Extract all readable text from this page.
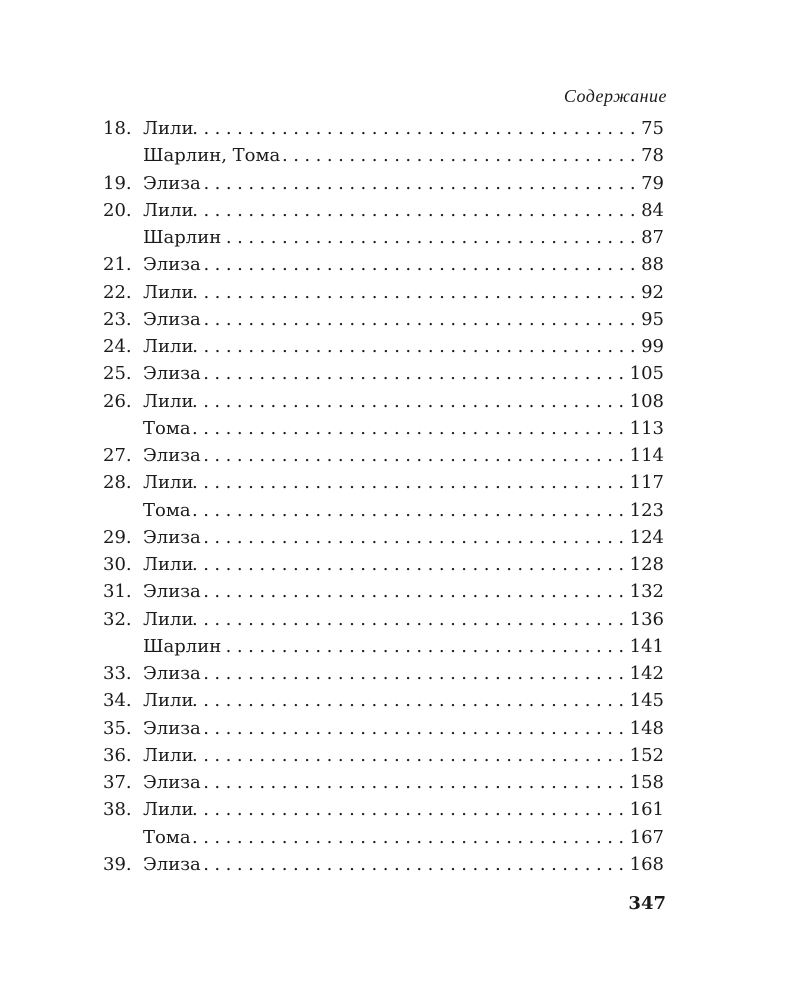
Содержание
18. Лили .....	75
Шарлин, Тома .....	78
19. Элиза .....	79
20. Лили .....	84
Шарлин .....	87
21. Элиза .....	88
22. Лили .....	92
23. Элиза .....	95
24. Лили .....	99
25. Элиза .....	105
26. Лили .....	108
Тома .....	113
27. Элиза .....	114
28. Лили .....	117
Тома .....	123
29. Элиза .....	124
30. Лили .....	128
31. Элиза .....	132
32. Лили .....	136
Шарлин .....	141
33. Элиза .....	142
34. Лили .....	145
35. Элиза .....	148
36. Лили .....	152
37. Элиза .....	158
38. Лили .....	161
Тома .....	167
39. Элиза .....	168
347
